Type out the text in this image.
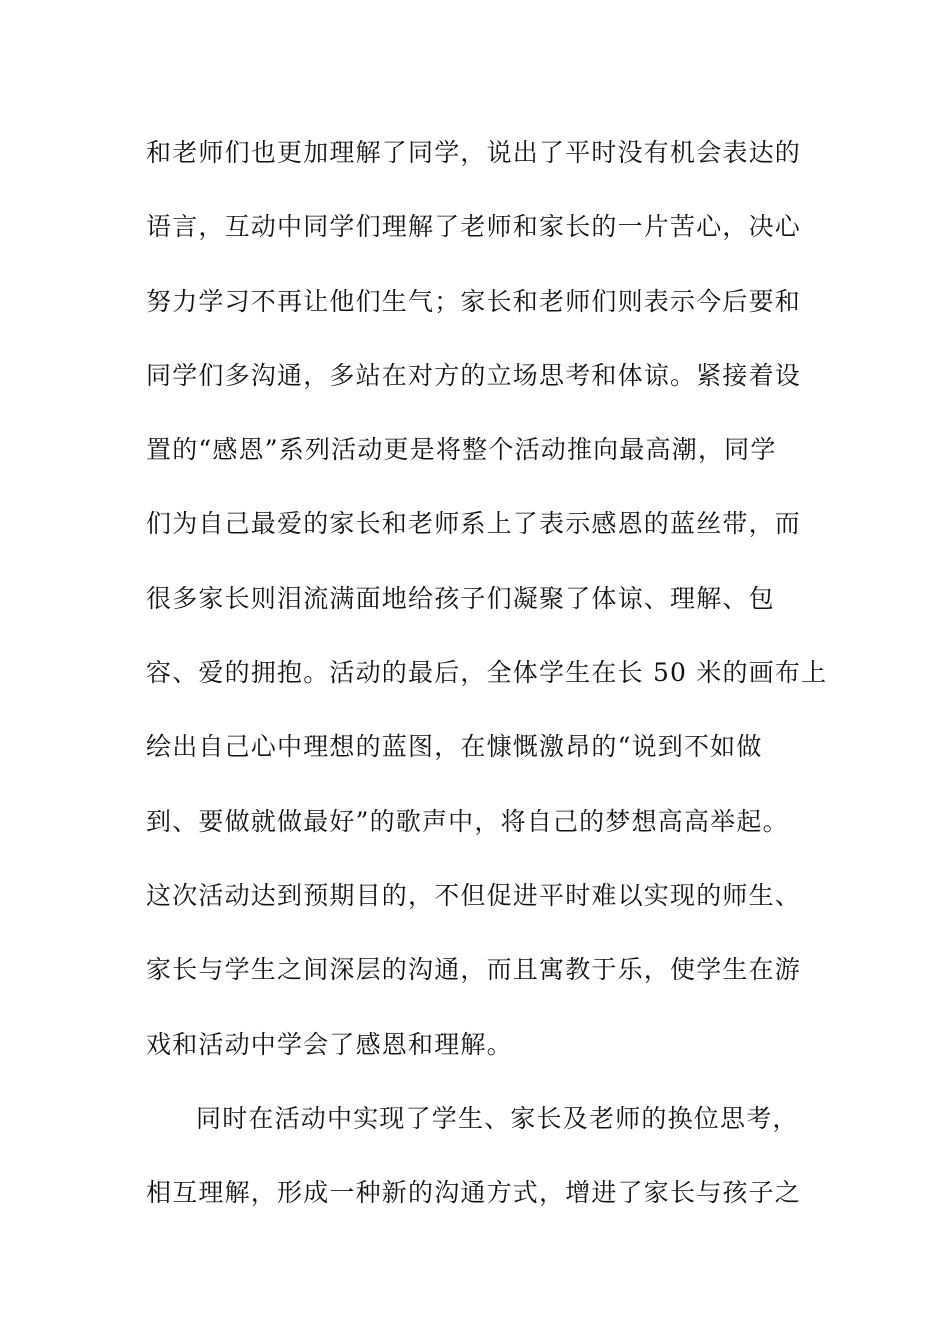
和老师们也更加理解了同学，说出了平时没有机会表达的
语言，互动中同学们理解了老师和家长的一片苦心，决心
努力学习不再让他们生气；家长和老师们则表示今后要和
同学们多沟通，多站在对方的立场思考和体谅。紧接着设
置的“感恩”系列活动更是将整个活动推向最高潮，同学
们为自己最爱的家长和老师系上了表示感恩的蓝丝带，而
很多家长则泪流满面地给孩子们凝聚了体谅、理解、包
容、爱的拥抱。活动的最后，全体学生在长 50 米的画布上
绘出自己心中理想的蓝图，在慷慨激昂的“说到不如做
到、要做就做最好”的歌声中，将自己的梦想高高举起。
这次活动达到预期目的，不但促进平时难以实现的师生、
家长与学生之间深层的沟通，而且寓教于乐，使学生在游
戏和活动中学会了感恩和理解。
同时在活动中实现了学生、家长及老师的换位思考，
相互理解，形成一种新的沟通方式，增进了家长与孩子之
